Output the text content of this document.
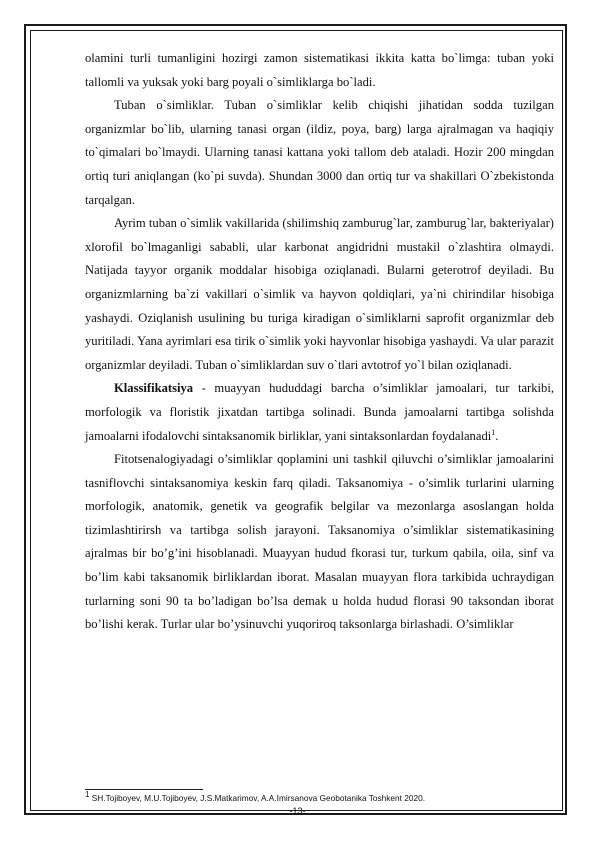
olamini turli tumanligini hozirgi zamon sistematikasi ikkita katta bo`limga: tuban yoki tallomli va yuksak yoki barg poyali o`simliklarga bo`ladi.

Tuban o`simliklar. Tuban o`simliklar kelib chiqishi jihatidan sodda tuzilgan organizmlar bo`lib, ularning tanasi organ (ildiz, poya, barg) larga ajralmagan va haqiqiy to`qimalari bo`lmaydi. Ularning tanasi kattana yoki tallom deb ataladi. Hozir 200 mingdan ortiq turi aniqlangan (ko`pi suvda). Shundan 3000 dan ortiq tur va shakillari O`zbekistonda tarqalgan.

Ayrim tuban o`simlik vakillarida (shilimshiq zamburug`lar, zamburug`lar, bakteriyalar) xlorofil bo`lmaganligi sababli, ular karbonat angidridni mustakil o`zlashtira olmaydi. Natijada tayyor organik moddalar hisobiga oziqlanadi. Bularni geterotrof deyiladi. Bu organizmlarning ba`zi vakillari o`simlik va hayvon qoldiqlari, ya`ni chirindilar hisobiga yashaydi. Oziqlanish usulining bu turiga kiradigan o`simliklarni saprofit organizmlar deb yuritiladi. Yana ayrimlari esa tirik o`simlik yoki hayvonlar hisobiga yashaydi. Va ular parazit organizmlar deyiladi. Tuban o`simliklardan suv o`tlari avtotrof yo`l bilan oziqlanadi.

Klassifikatsiya - muayyan hududdagi barcha o’simliklar jamoalari, tur tarkibi, morfologik va floristik jixatdan tartibga solinadi. Bunda jamoalarni tartibga solishda jamoalarni ifodalovchi sintaksanomik birliklar, yani sintaksonlardan foydalanadi$^1$.

Fitotsenalogiyadagi o’simliklar qoplamini uni tashkil qiluvchi o’simliklar jamoalarini tasniflovchi sintaksanomiya keskin farq qiladi. Taksanomiya - o’simlik turlarini ularning morfologik, anatomik, genetik va geografik belgilar va mezonlarga asoslangan holda tizimlashtirirsh va tartibga solish jarayoni. Taksanomiya o’simliklar sistematikasining ajralmas bir bo’g’ini hisoblanadi. Muayyan hudud fkorasi tur, turkum qabila, oila, sinf va bo’lim kabi taksanomik birliklardan iborat. Masalan muayyan flora tarkibida uchraydigan turlarning soni 90 ta bo’ladigan bo’lsa demak u holda hudud florasi 90 taksondan iborat bo’lishi kerak. Turlar ular bo’ysinuvchi yuqoriroq taksonlarga birlashadi. O’simliklar

$^1$ SH.Tojiboyev, M.U.Tojiboyev, J.S.Matkarimov, A.A.Imirsanova Geobotanika Toshkent 2020.
-13-
